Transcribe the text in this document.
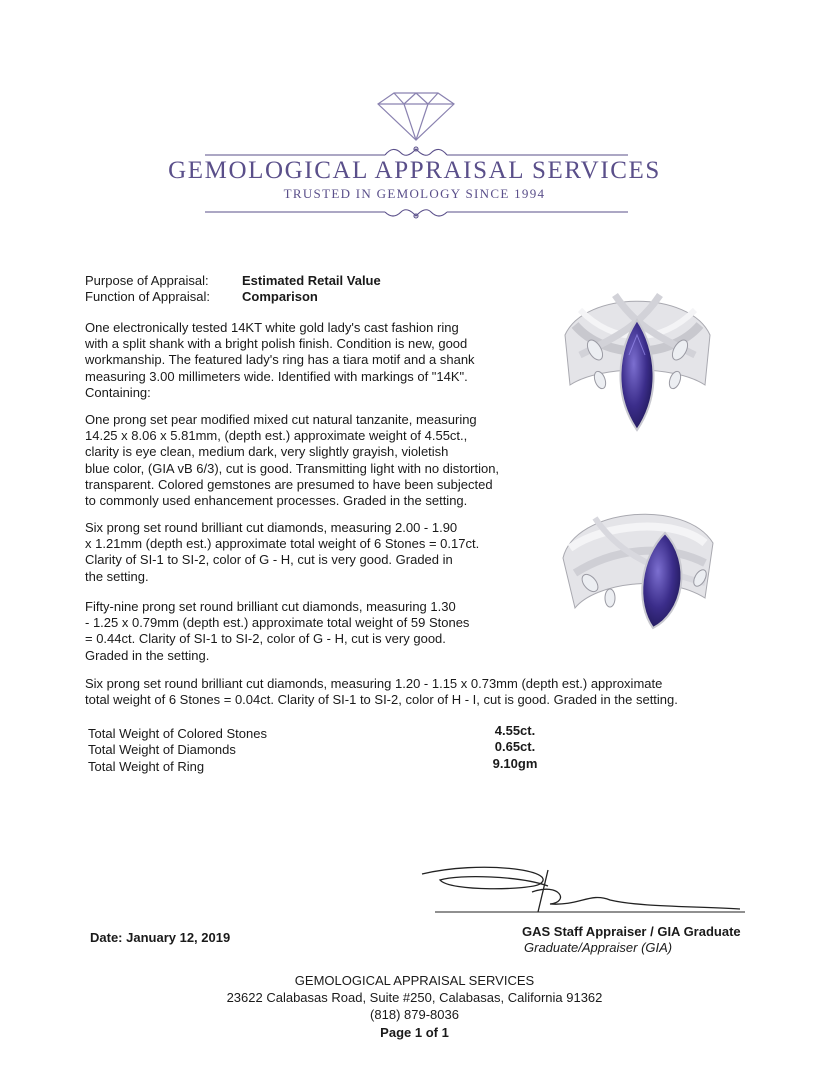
GEMOLOGICAL APPRAISAL SERVICES
TRUSTED IN GEMOLOGY SINCE 1994
Purpose of Appraisal:	Estimated Retail Value
Function of Appraisal: Comparison
One electronically tested 14KT white gold lady's cast fashion ring
with a split shank with a bright polish finish. Condition is new, good
workmanship. The featured lady's ring has a tiara motif and a shank
measuring 3.00 millimeters wide. Identified with markings of "14K".
Containing:
One prong set pear modified mixed cut natural tanzanite, measuring
14.25 x 8.06 x 5.81mm, (depth est.) approximate weight of 4.55ct.,
clarity is eye clean, medium dark, very slightly grayish, violetish
blue color, (GIA vB 6/3), cut is good. Transmitting light with no distortion,
transparent. Colored gemstones are presumed to have been subjected
to commonly used enhancement processes. Graded in the setting.
Six prong set round brilliant cut diamonds, measuring 2.00 - 1.90
x 1.21mm (depth est.) approximate total weight of 6 Stones = 0.17ct.
Clarity of SI-1 to SI-2, color of G - H, cut is very good. Graded in
the setting.
Fifty-nine prong set round brilliant cut diamonds, measuring 1.30
- 1.25 x 0.79mm (depth est.) approximate total weight of 59 Stones
= 0.44ct. Clarity of SI-1 to SI-2, color of G - H, cut is very good.
Graded in the setting.
Six prong set round brilliant cut diamonds, measuring 1.20 - 1.15 x 0.73mm (depth est.) approximate
total weight of 6 Stones = 0.04ct. Clarity of SI-1 to SI-2, color of H - I, cut is good. Graded in the setting.
Total Weight of Colored Stones
Total Weight of Diamonds
Total Weight of Ring
4.55ct.
0.65ct.
9.10gm
Date: January 12, 2019	GAS Staff Appraiser / GIA Graduate
Graduate/Appraiser (GIA)
GEMOLOGICAL APPRAISAL SERVICES
23622 Calabasas Road, Suite #250, Calabasas, California 91362
(818) 879-8036
Page 1 of 1
